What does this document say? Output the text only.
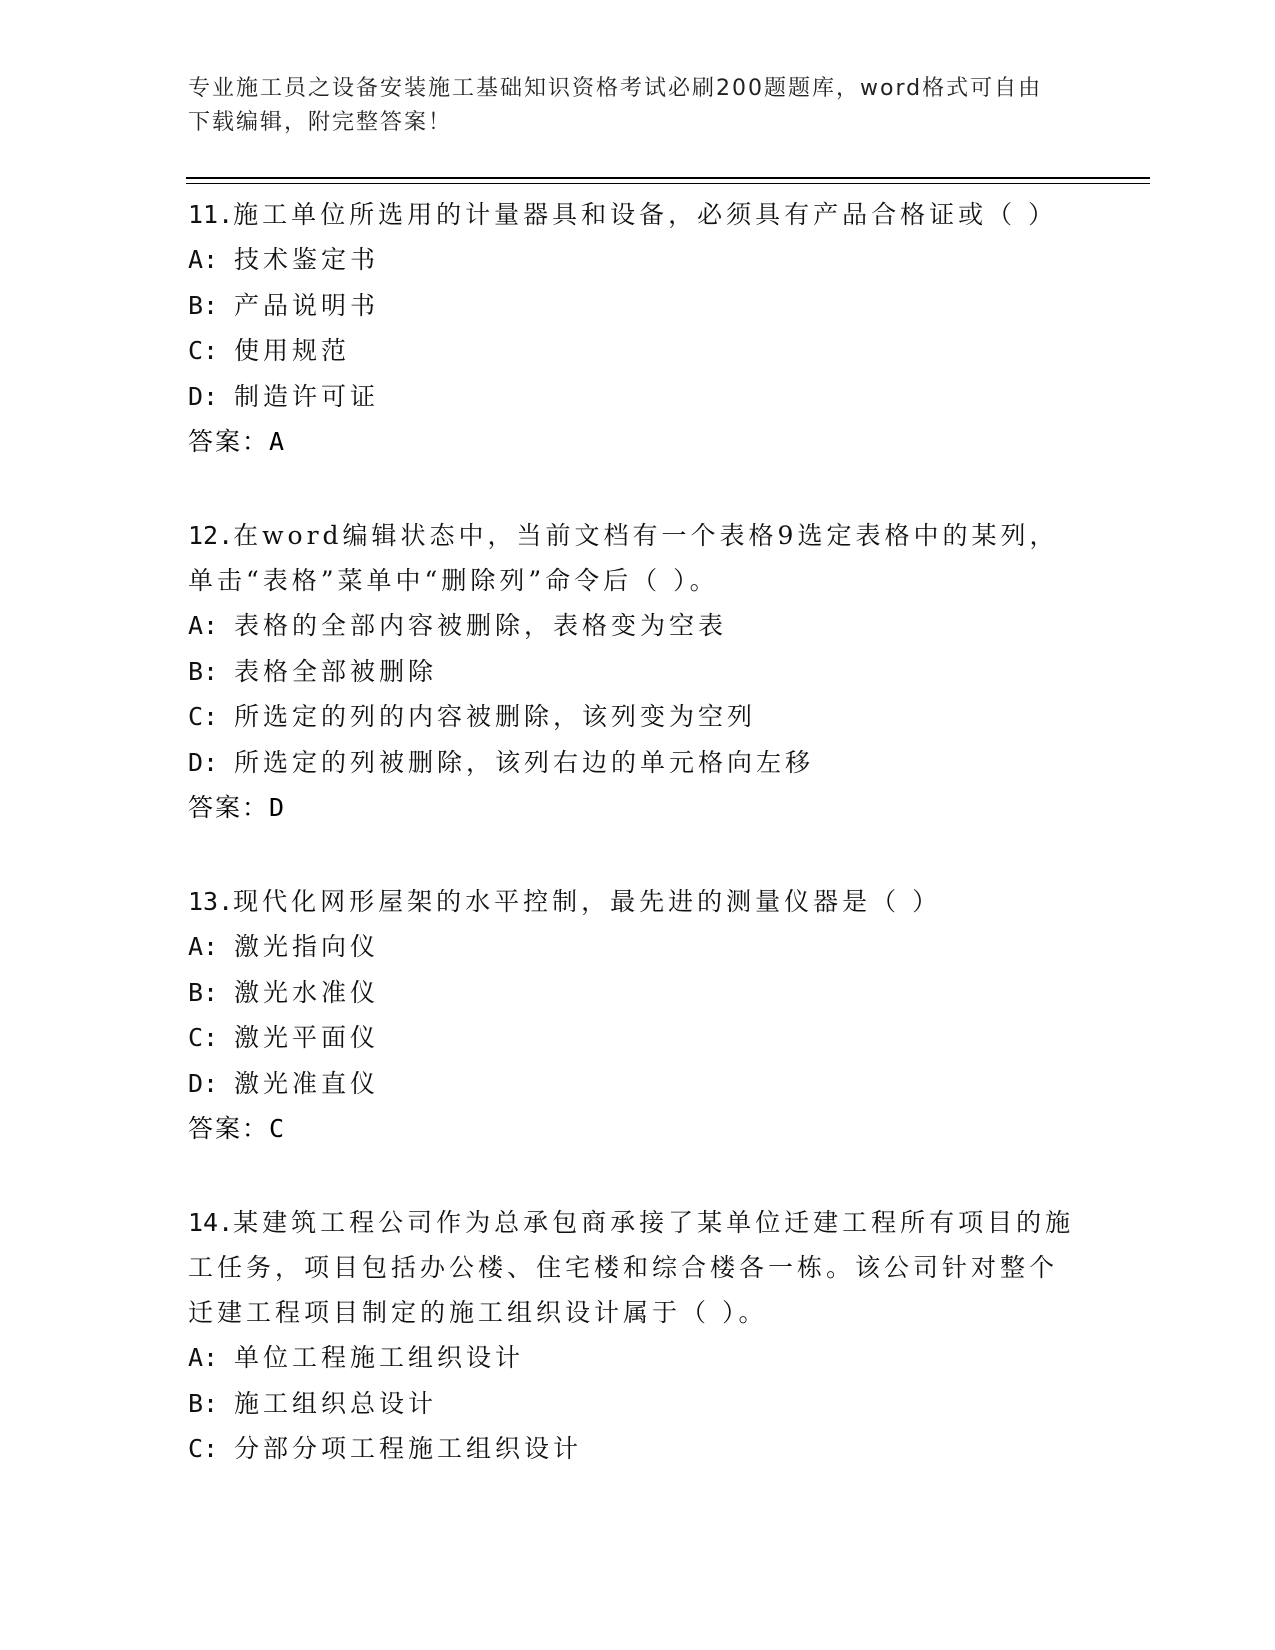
专业施工员之设备安装施工基础知识资格考试必刷200题题库，word格式可自由
下载编辑，附完整答案！
11.施工单位所选用的计量器具和设备，必须具有产品合格证或（ ）
A: 技术鉴定书
B: 产品说明书
C: 使用规范
D: 制造许可证
答案：A
12.在word编辑状态中，当前文档有一个表格9选定表格中的某列，
单击“表格”菜单中“删除列”命令后（ ）。
A: 表格的全部内容被删除，表格变为空表
B: 表格全部被删除
C: 所选定的列的内容被删除，该列变为空列
D: 所选定的列被删除，该列右边的单元格向左移
答案：D
13.现代化网形屋架的水平控制，最先进的测量仪器是（ ）
A: 激光指向仪
B: 激光水准仪
C: 激光平面仪
D: 激光准直仪
答案：C
14.某建筑工程公司作为总承包商承接了某单位迁建工程所有项目的施
工任务，项目包括办公楼、住宅楼和综合楼各一栋。该公司针对整个
迁建工程项目制定的施工组织设计属于（ ）。
A: 单位工程施工组织设计
B: 施工组织总设计
C: 分部分项工程施工组织设计
